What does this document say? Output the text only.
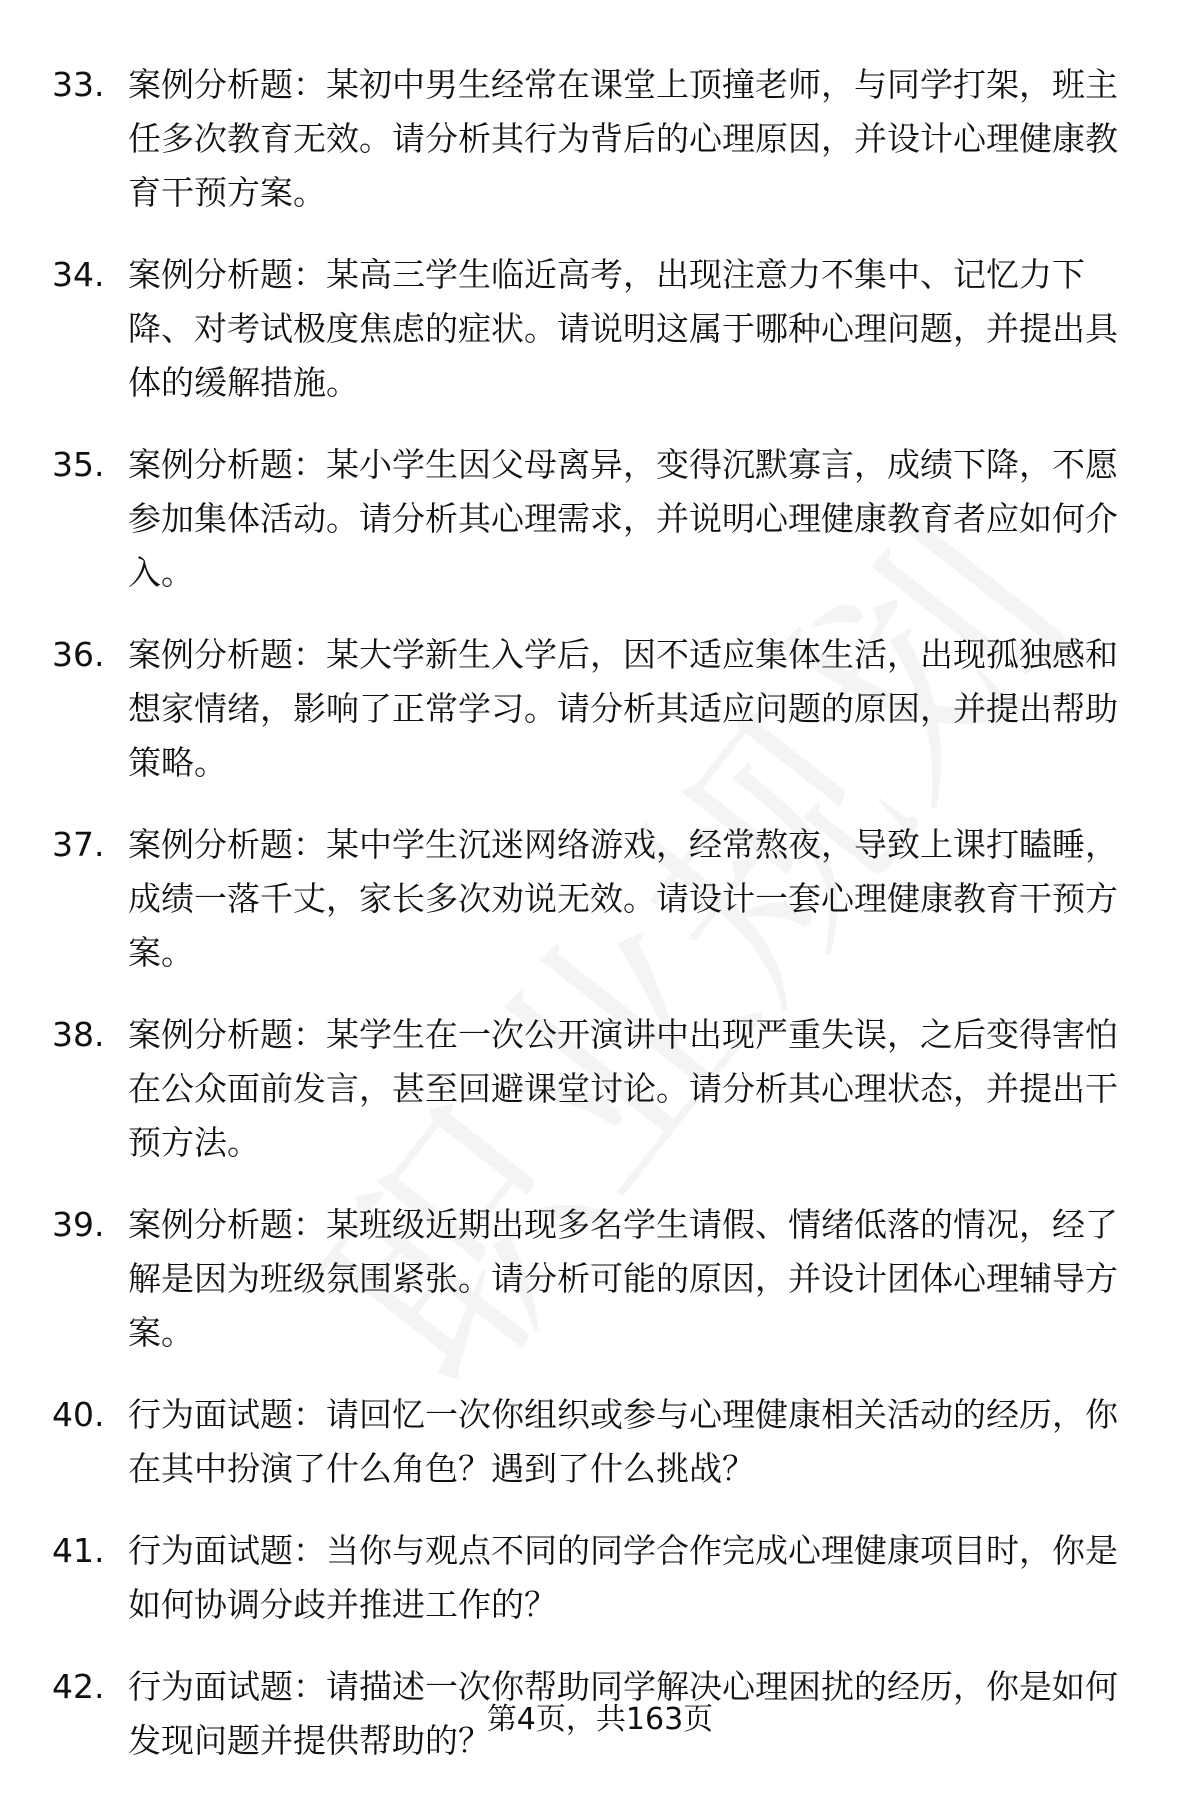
33. 案例分析题：某初中男生经常在课堂上顶撞老师，与同学打架，班主任多次教育无效。请分析其行为背后的心理原因，并设计心理健康教育干预方案。
34. 案例分析题：某高三学生临近高考，出现注意力不集中、记忆力下降、对考试极度焦虑的症状。请说明这属于哪种心理问题，并提出具体的缓解措施。
35. 案例分析题：某小学生因父母离异，变得沉默寡言，成绩下降，不愿参加集体活动。请分析其心理需求，并说明心理健康教育者应如何介入。
36. 案例分析题：某大学新生入学后，因不适应集体生活，出现孤独感和想家情绪，影响了正常学习。请分析其适应问题的原因，并提出帮助策略。
37. 案例分析题：某中学生沉迷网络游戏，经常熬夜，导致上课打瞌睡，成绩一落千丈，家长多次劝说无效。请设计一套心理健康教育干预方案。
38. 案例分析题：某学生在一次公开演讲中出现严重失误，之后变得害怕在公众面前发言，甚至回避课堂讨论。请分析其心理状态，并提出干预方法。
39. 案例分析题：某班级近期出现多名学生请假、情绪低落的情况，经了解是因为班级氛围紧张。请分析可能的原因，并设计团体心理辅导方案。
40. 行为面试题：请回忆一次你组织或参与心理健康相关活动的经历，你在其中扮演了什么角色？遇到了什么挑战？
41. 行为面试题：当你与观点不同的同学合作完成心理健康项目时，你是如何协调分歧并推进工作的？
42. 行为面试题：请描述一次你帮助同学解决心理困扰的经历，你是如何发现问题并提供帮助的？
第4页，共163页
